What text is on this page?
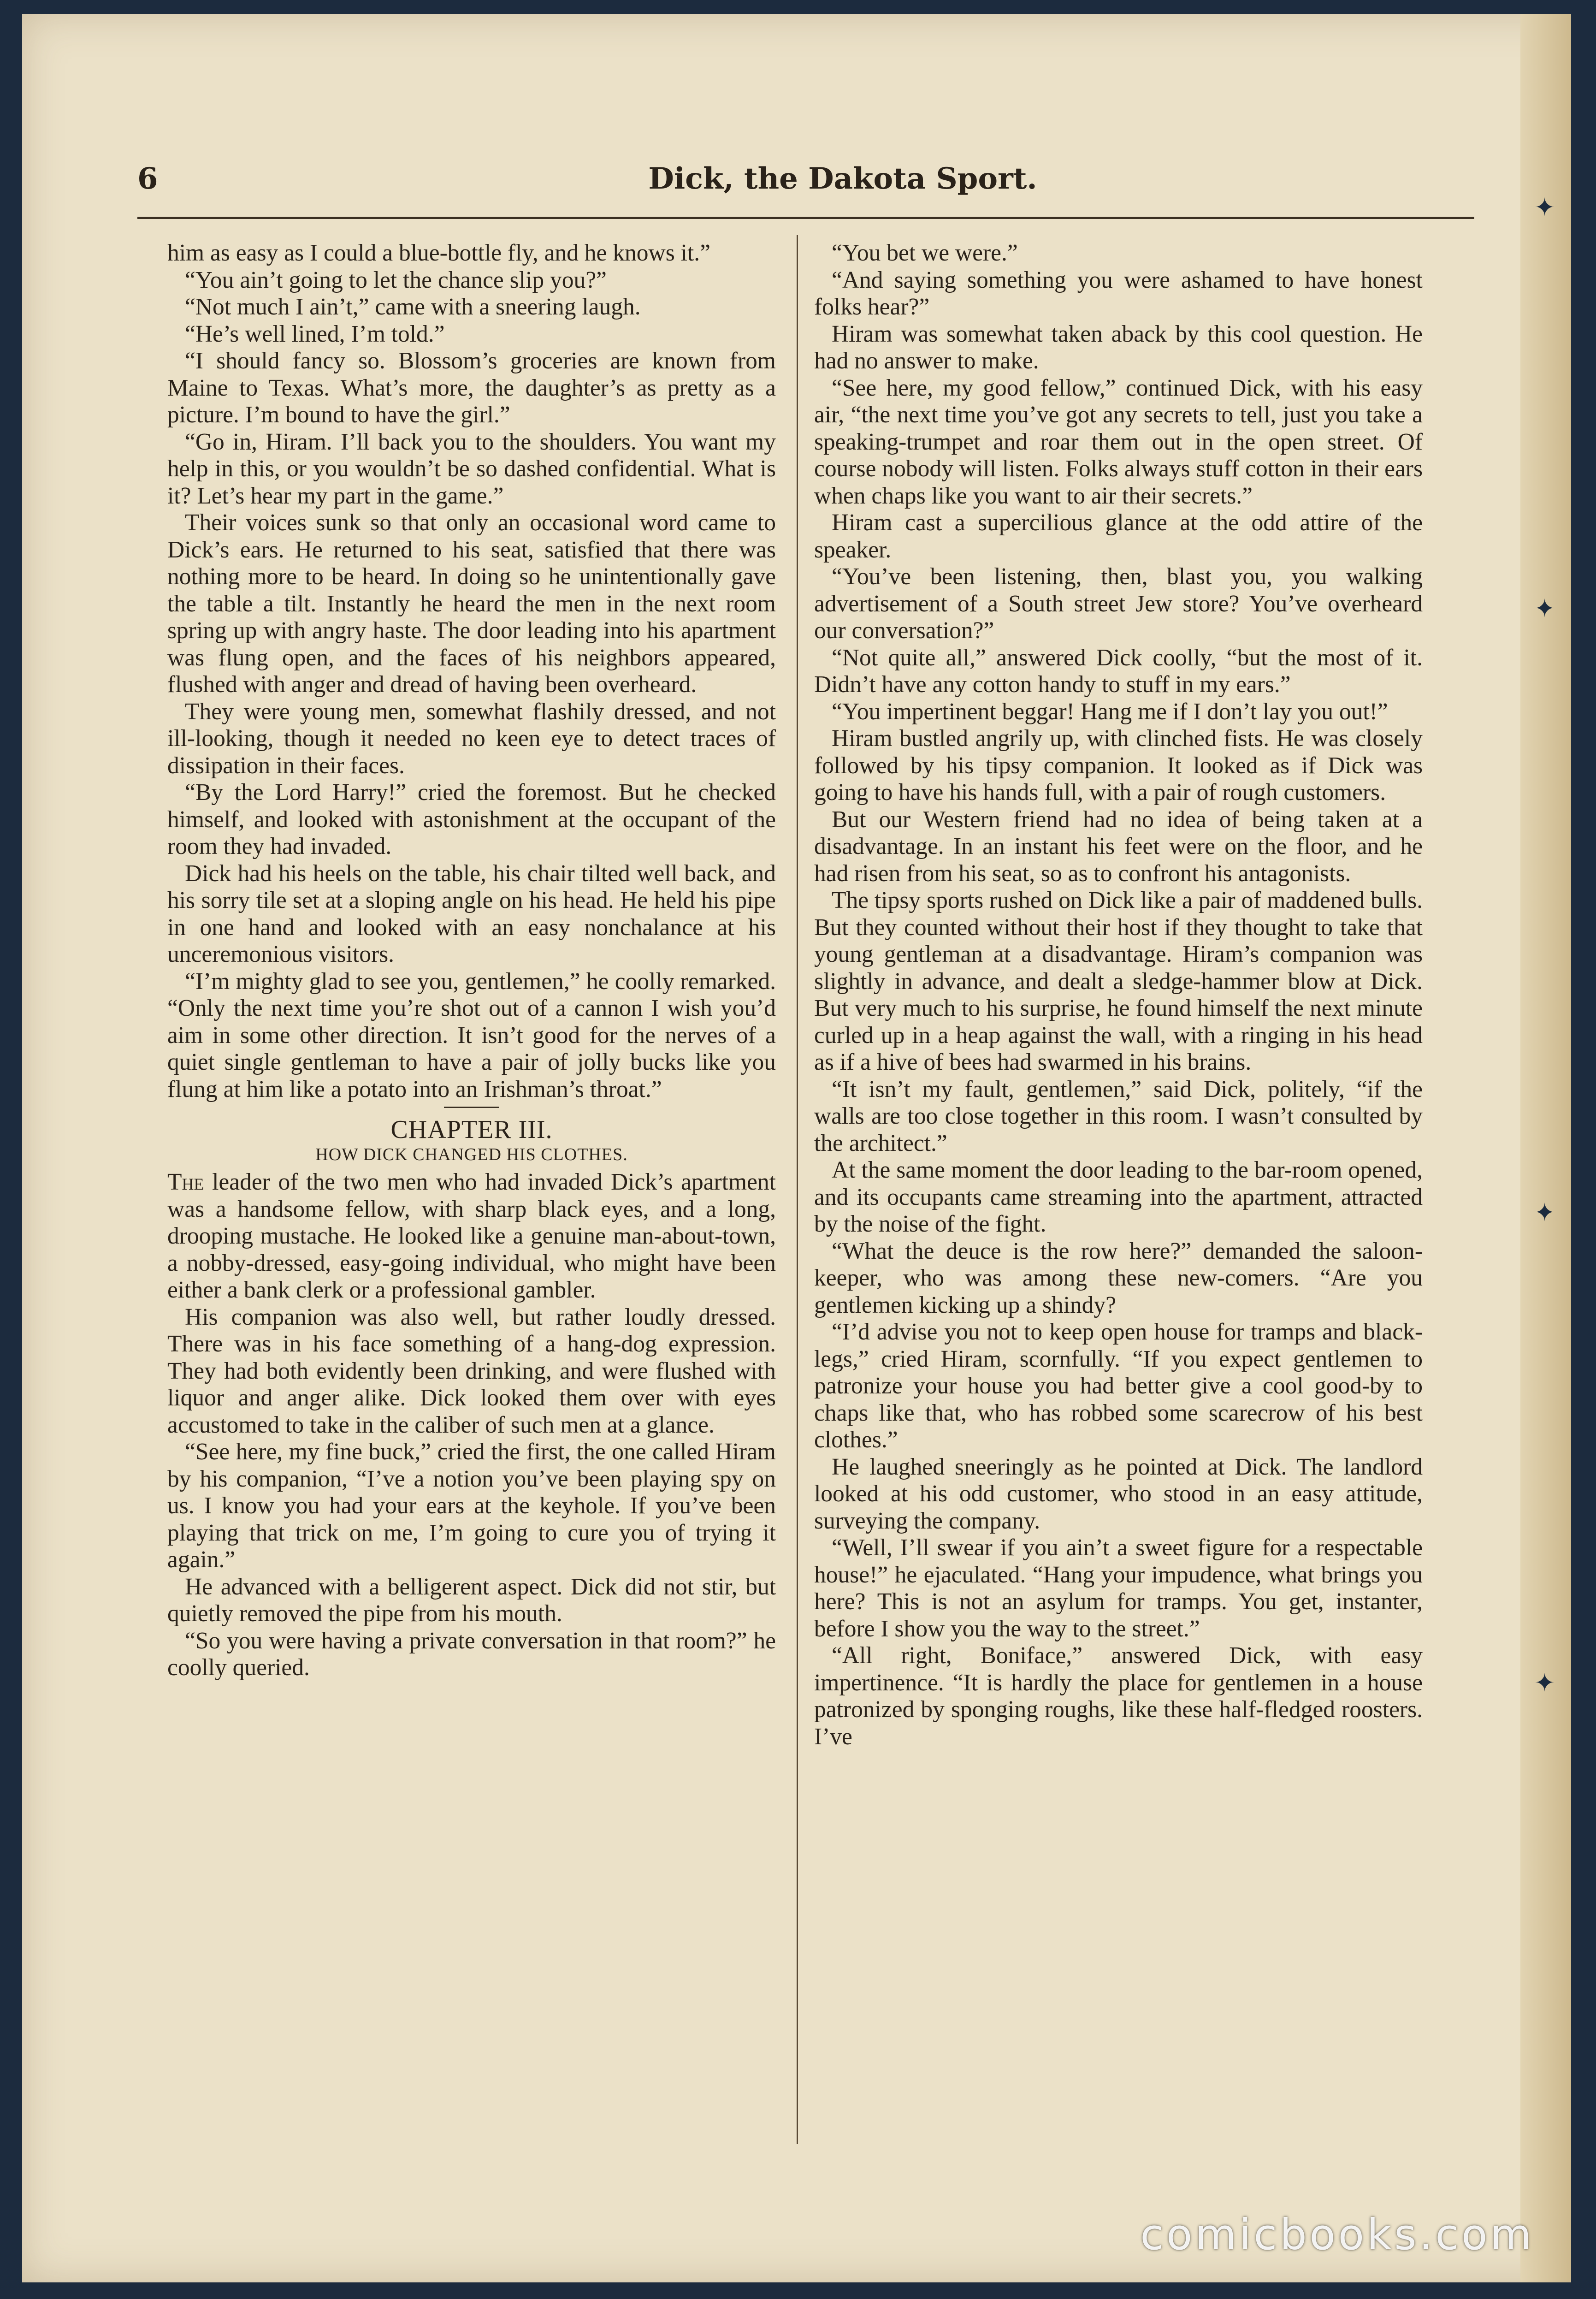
✦
✦
✦
✦
6	Dick, the Dakota Sport.

him as easy as I could a blue-bottle fly, and he knows it.”

“You ain’t going to let the chance slip you?”

“Not much I ain’t,” came with a sneering laugh.

“He’s well lined, I’m told.”

“I should fancy so. Blossom’s groceries are known from Maine to Texas. What’s more, the daughter’s as pretty as a picture. I’m bound to have the girl.”

“Go in, Hiram. I’ll back you to the shoulders. You want my help in this, or you wouldn’t be so dashed confidential. What is it? Let’s hear my part in the game.”

Their voices sunk so that only an occasional word came to Dick’s ears. He returned to his seat, satisfied that there was nothing more to be heard. In doing so he unintentionally gave the table a tilt. Instantly he heard the men in the next room spring up with angry haste. The door leading into his apartment was flung open, and the faces of his neighbors appeared, flushed with anger and dread of having been overheard.

They were young men, somewhat flashily dressed, and not ill-looking, though it needed no keen eye to detect traces of dissipation in their faces.

“By the Lord Harry!” cried the foremost. But he checked himself, and looked with astonishment at the occupant of the room they had invaded.

Dick had his heels on the table, his chair tilted well back, and his sorry tile set at a sloping angle on his head. He held his pipe in one hand and looked with an easy nonchalance at his unceremonious visitors.

“I’m mighty glad to see you, gentlemen,” he coolly remarked. “Only the next time you’re shot out of a cannon I wish you’d aim in some other direction. It isn’t good for the nerves of a quiet single gentleman to have a pair of jolly bucks like you flung at him like a potato into an Irishman’s throat.”

CHAPTER III.

HOW DICK CHANGED HIS CLOTHES.

The leader of the two men who had invaded Dick’s apartment was a handsome fellow, with sharp black eyes, and a long, drooping mustache. He looked like a genuine man-about-town, a nobby-dressed, easy-going individual, who might have been either a bank clerk or a professional gambler.

His companion was also well, but rather loudly dressed. There was in his face something of a hang-dog expression. They had both evidently been drinking, and were flushed with liquor and anger alike. Dick looked them over with eyes accustomed to take in the caliber of such men at a glance.

“See here, my fine buck,” cried the first, the one called Hiram by his companion, “I’ve a notion you’ve been playing spy on us. I know you had your ears at the keyhole. If you’ve been playing that trick on me, I’m going to cure you of trying it again.”

He advanced with a belligerent aspect. Dick did not stir, but quietly removed the pipe from his mouth.

“So you were having a private conversation in that room?” he coolly queried.

“You bet we were.”

“And saying something you were ashamed to have honest folks hear?”

Hiram was somewhat taken aback by this cool question. He had no answer to make.

“See here, my good fellow,” continued Dick, with his easy air, “the next time you’ve got any secrets to tell, just you take a speaking-trumpet and roar them out in the open street. Of course nobody will listen. Folks always stuff cotton in their ears when chaps like you want to air their secrets.”

Hiram cast a supercilious glance at the odd attire of the speaker.

“You’ve been listening, then, blast you, you walking advertisement of a South street Jew store? You’ve overheard our conversation?”

“Not quite all,” answered Dick coolly, “but the most of it. Didn’t have any cotton handy to stuff in my ears.”

“You impertinent beggar! Hang me if I don’t lay you out!”

Hiram bustled angrily up, with clinched fists. He was closely followed by his tipsy companion. It looked as if Dick was going to have his hands full, with a pair of rough customers.

But our Western friend had no idea of being taken at a disadvantage. In an instant his feet were on the floor, and he had risen from his seat, so as to confront his antagonists.

The tipsy sports rushed on Dick like a pair of maddened bulls. But they counted without their host if they thought to take that young gentleman at a disadvantage. Hiram’s companion was slightly in advance, and dealt a sledge-hammer blow at Dick. But very much to his surprise, he found himself the next minute curled up in a heap against the wall, with a ringing in his head as if a hive of bees had swarmed in his brains.

“It isn’t my fault, gentlemen,” said Dick, politely, “if the walls are too close together in this room. I wasn’t consulted by the architect.”

At the same moment the door leading to the bar-room opened, and its occupants came streaming into the apartment, attracted by the noise of the fight.

“What the deuce is the row here?” demanded the saloon-keeper, who was among these new-comers. “Are you gentlemen kicking up a shindy?

“I’d advise you not to keep open house for tramps and black-legs,” cried Hiram, scornfully. “If you expect gentlemen to patronize your house you had better give a cool good-by to chaps like that, who has robbed some scarecrow of his best clothes.”

He laughed sneeringly as he pointed at Dick. The landlord looked at his odd customer, who stood in an easy attitude, surveying the company.

“Well, I’ll swear if you ain’t a sweet figure for a respectable house!” he ejaculated. “Hang your impudence, what brings you here? This is not an asylum for tramps. You get, instanter, before I show you the way to the street.”

“All right, Boniface,” answered Dick, with easy impertinence. “It is hardly the place for gentlemen in a house patronized by sponging roughs, like these half-fledged roosters. I’ve

comicbooks.com
